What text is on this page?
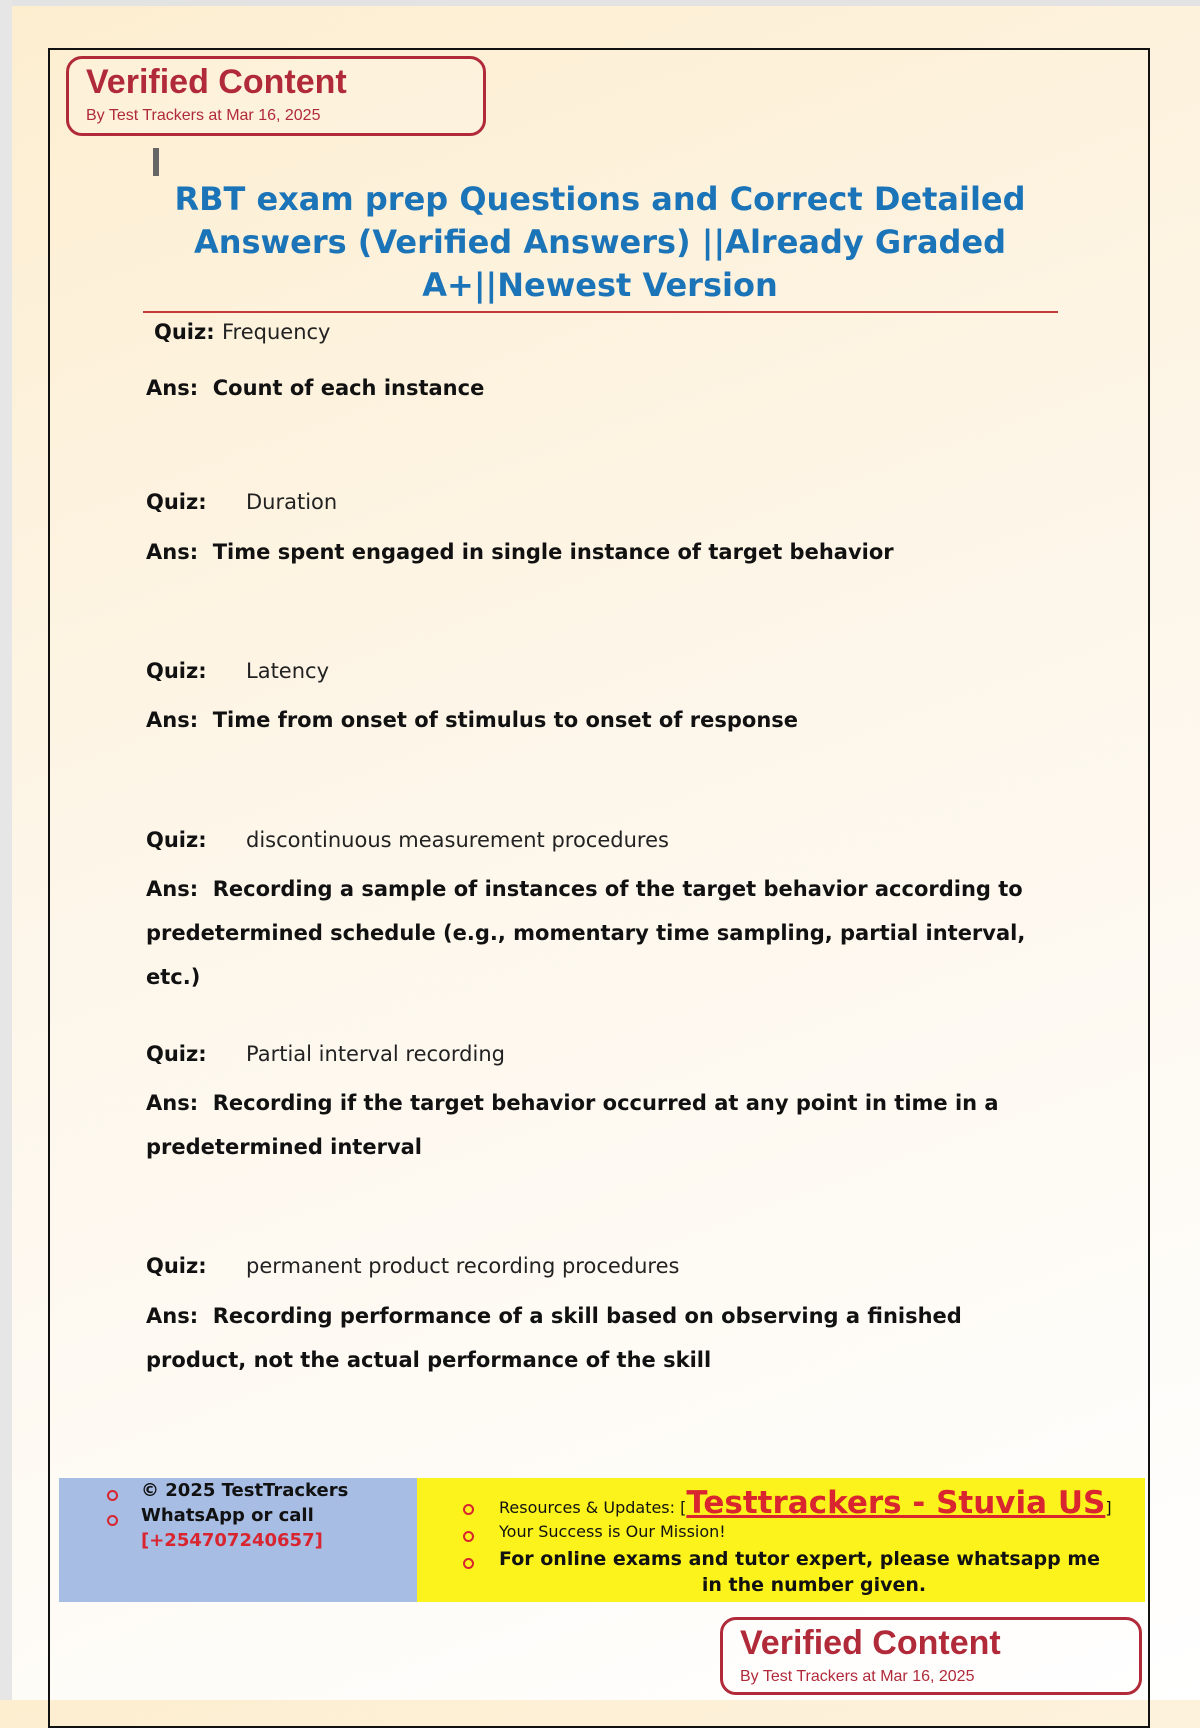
Verified Content
By Test Trackers at Mar 16, 2025
RBT exam prep Questions and Correct Detailed Answers (Verified Answers) ||Already Graded A+||Newest Version
Quiz: Frequency
Ans: Count of each instance
Quiz: Duration
Ans: Time spent engaged in single instance of target behavior
Quiz: Latency
Ans: Time from onset of stimulus to onset of response
Quiz: discontinuous measurement procedures
Ans: Recording a sample of instances of the target behavior according to predetermined schedule (e.g., momentary time sampling, partial interval, etc.)
Quiz: Partial interval recording
Ans: Recording if the target behavior occurred at any point in time in a predetermined interval
Quiz: permanent product recording procedures
Ans: Recording performance of a skill based on observing a finished product, not the actual performance of the skill
© 2025 TestTrackers
WhatsApp or call
[+254707240657]
Resources & Updates: [Testtrackers - Stuvia US]
Your Success is Our Mission!
For online exams and tutor expert, please whatsapp me
in the number given.
Verified Content
By Test Trackers at Mar 16, 2025
